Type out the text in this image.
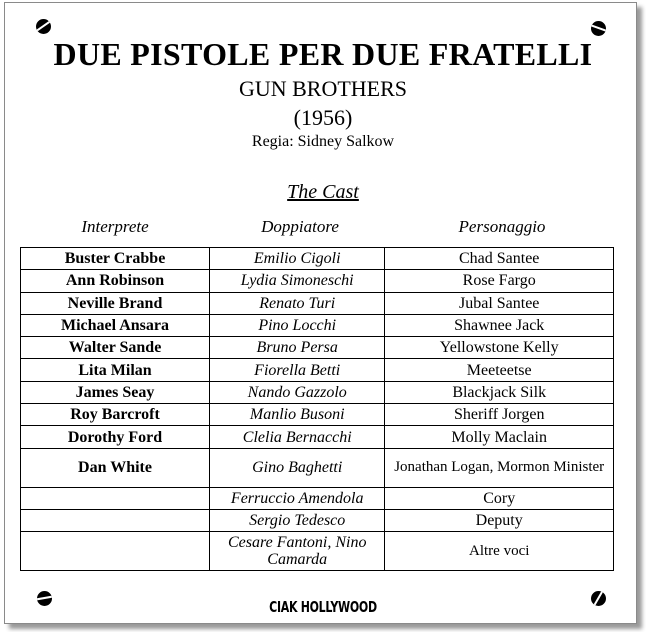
DUE PISTOLE PER DUE FRATELLI
GUN BROTHERS
(1956)
Regia: Sidney Salkow
The Cast
Interprete	Doppiatore	Personaggio
Buster Crabbe	Emilio Cigoli	Chad Santee
Ann Robinson	Lydia Simoneschi	Rose Fargo
Neville Brand	Renato Turi	Jubal Santee
Michael Ansara	Pino Locchi	Shawnee Jack
Walter Sande	Bruno Persa	Yellowstone Kelly
Lita Milan	Fiorella Betti	Meeteetse
James Seay	Nando Gazzolo	Blackjack Silk
Roy Barcroft	Manlio Busoni	Sheriff Jorgen
Dorothy Ford	Clelia Bernacchi	Molly Maclain
Dan White	Gino Baghetti	Jonathan Logan, Mormon Minister
	Ferruccio Amendola	Cory
	Sergio Tedesco	Deputy
	Cesare Fantoni, Nino Camarda	Altre voci
CIAK HOLLYWOOD
